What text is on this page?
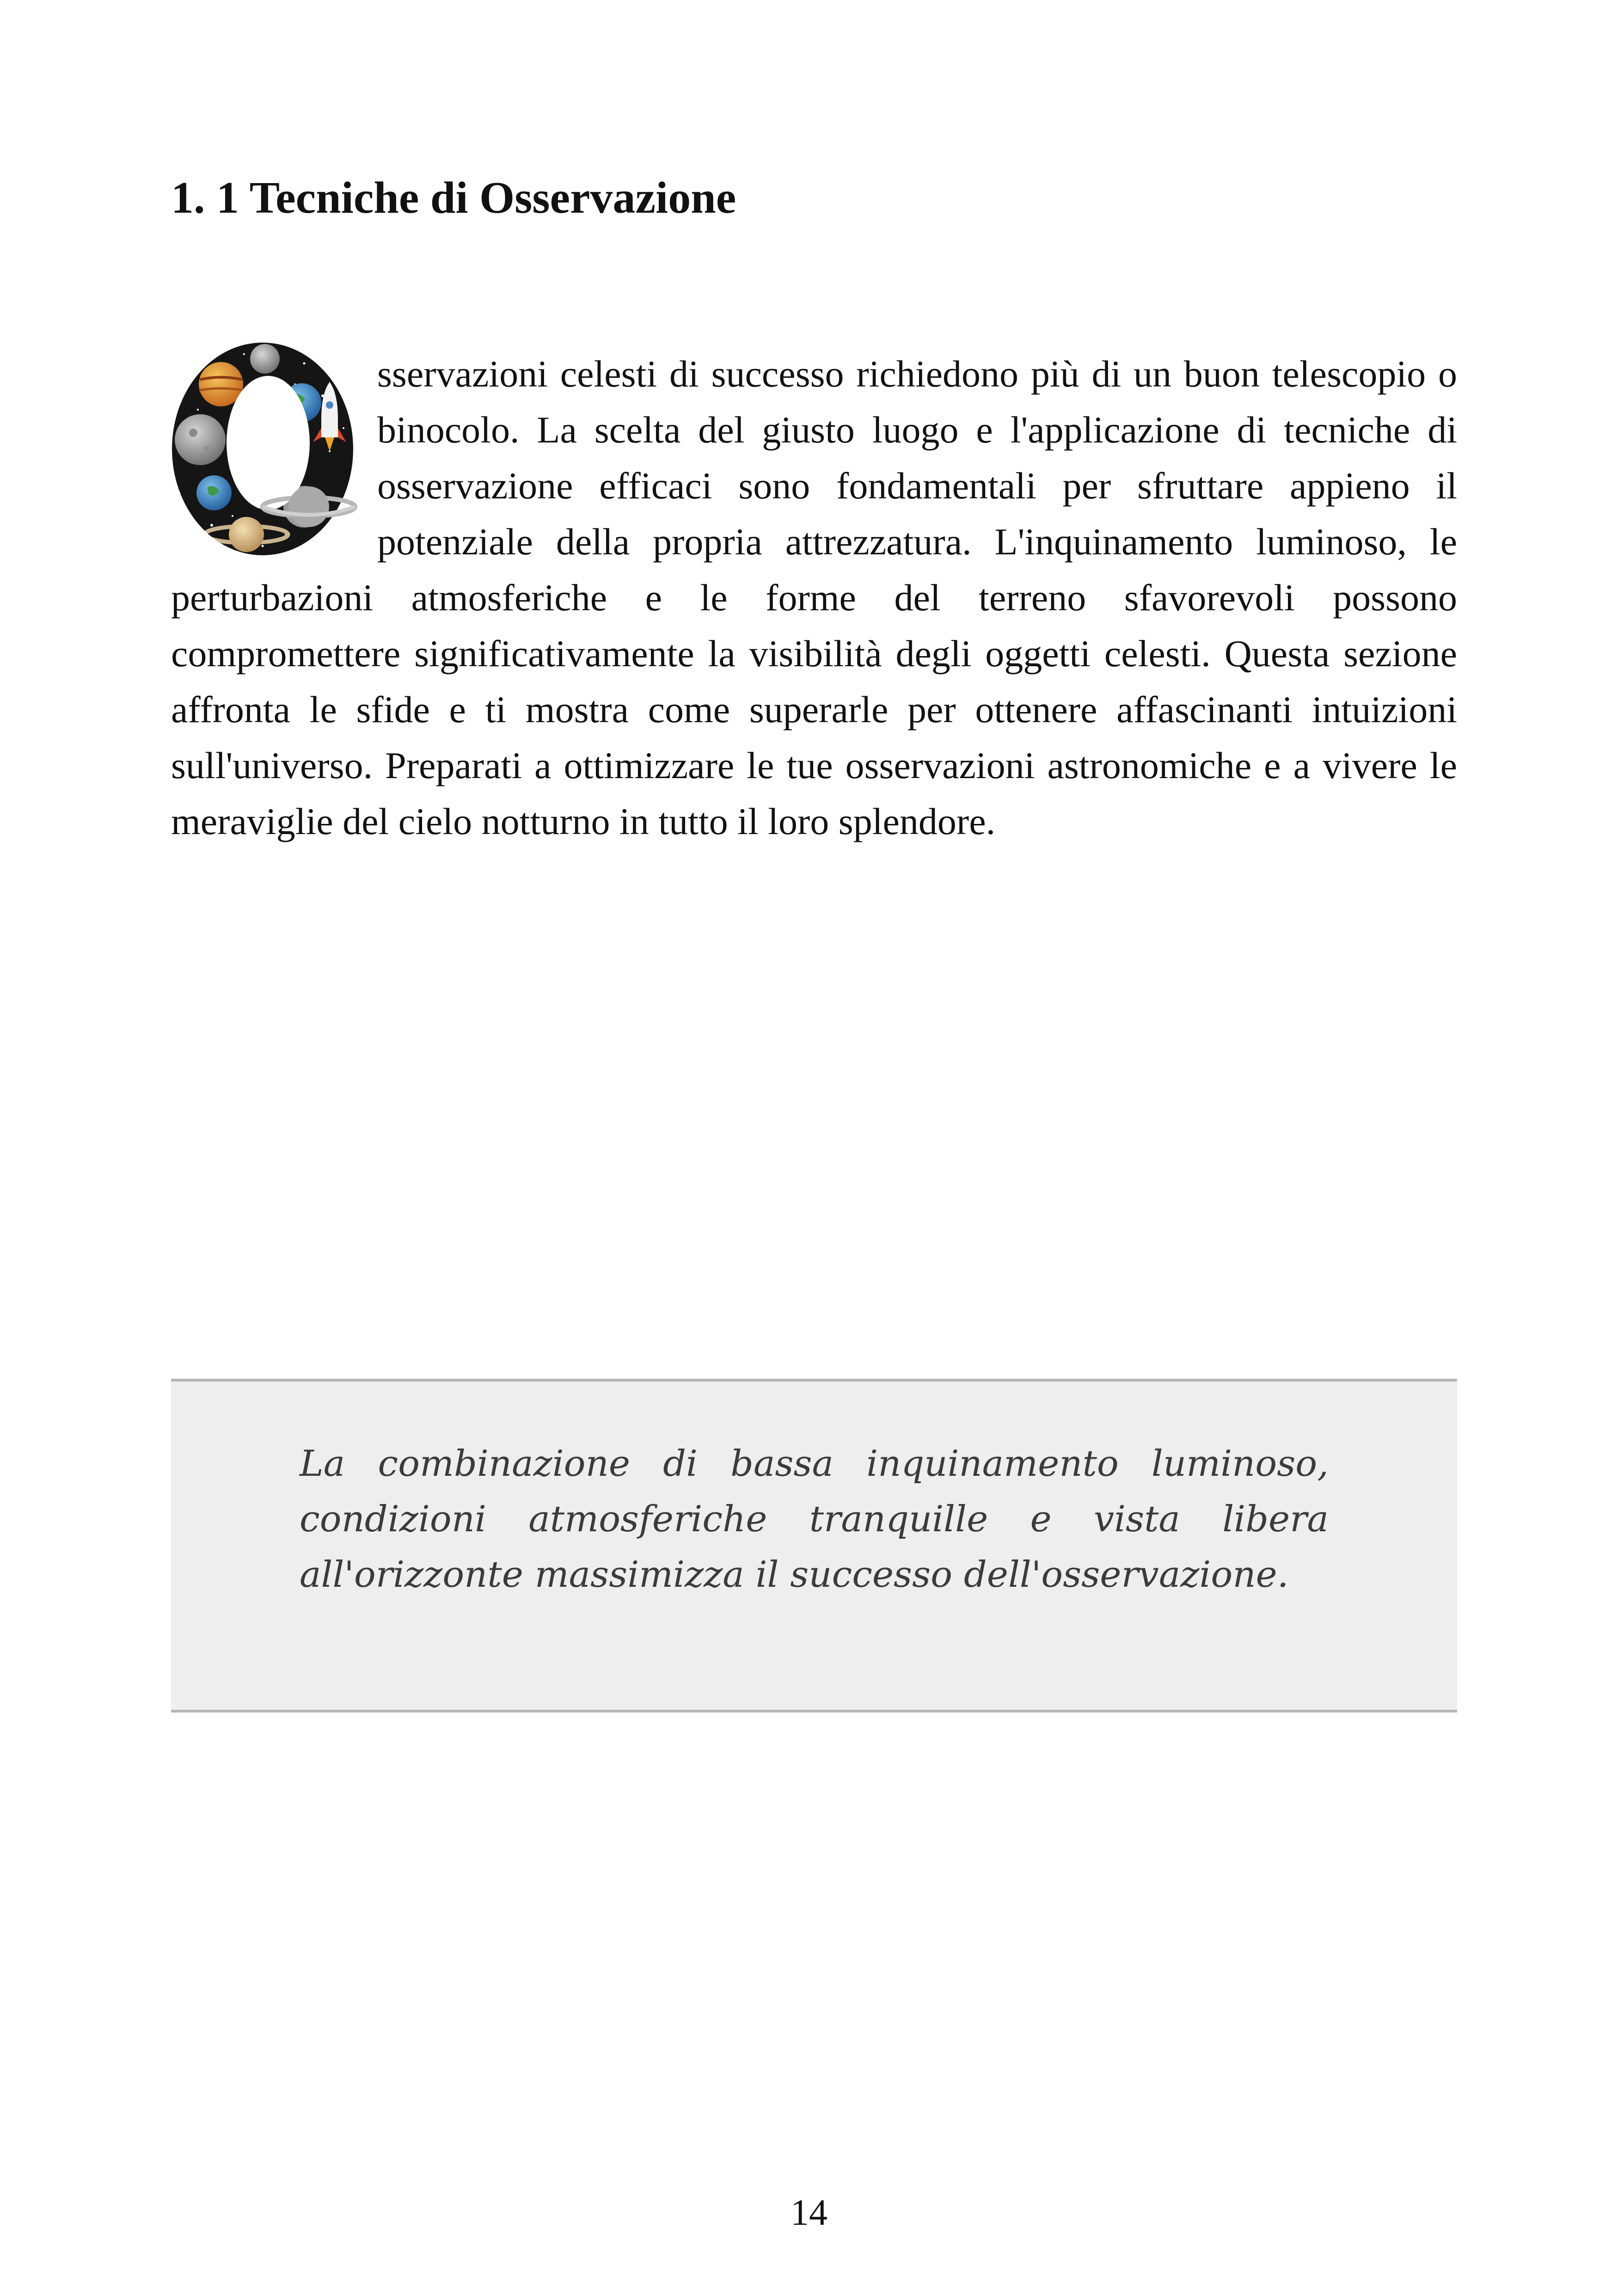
1. 1 Tecniche di Osservazione

sservazioni celesti di successo richiedono più di un buon telescopio o binocolo. La scelta del giusto luogo e l'applicazione di tecniche di osservazione efficaci sono fondamentali per sfruttare appieno il potenziale della propria attrezzatura. L'inquinamento luminoso, le perturbazioni atmosferiche e le forme del terreno sfavorevoli possono compromettere significativamente la visibilità degli oggetti celesti. Questa sezione affronta le sfide e ti mostra come superarle per ottenere affascinanti intuizioni sull'universo. Preparati a ottimizzare le tue osservazioni astronomiche e a vivere le meraviglie del cielo notturno in tutto il loro splendore.

La combinazione di bassa inquinamento luminoso, condizioni atmosferiche tranquille e vista libera all'orizzonte massimizza il successo dell'osservazione.

14
